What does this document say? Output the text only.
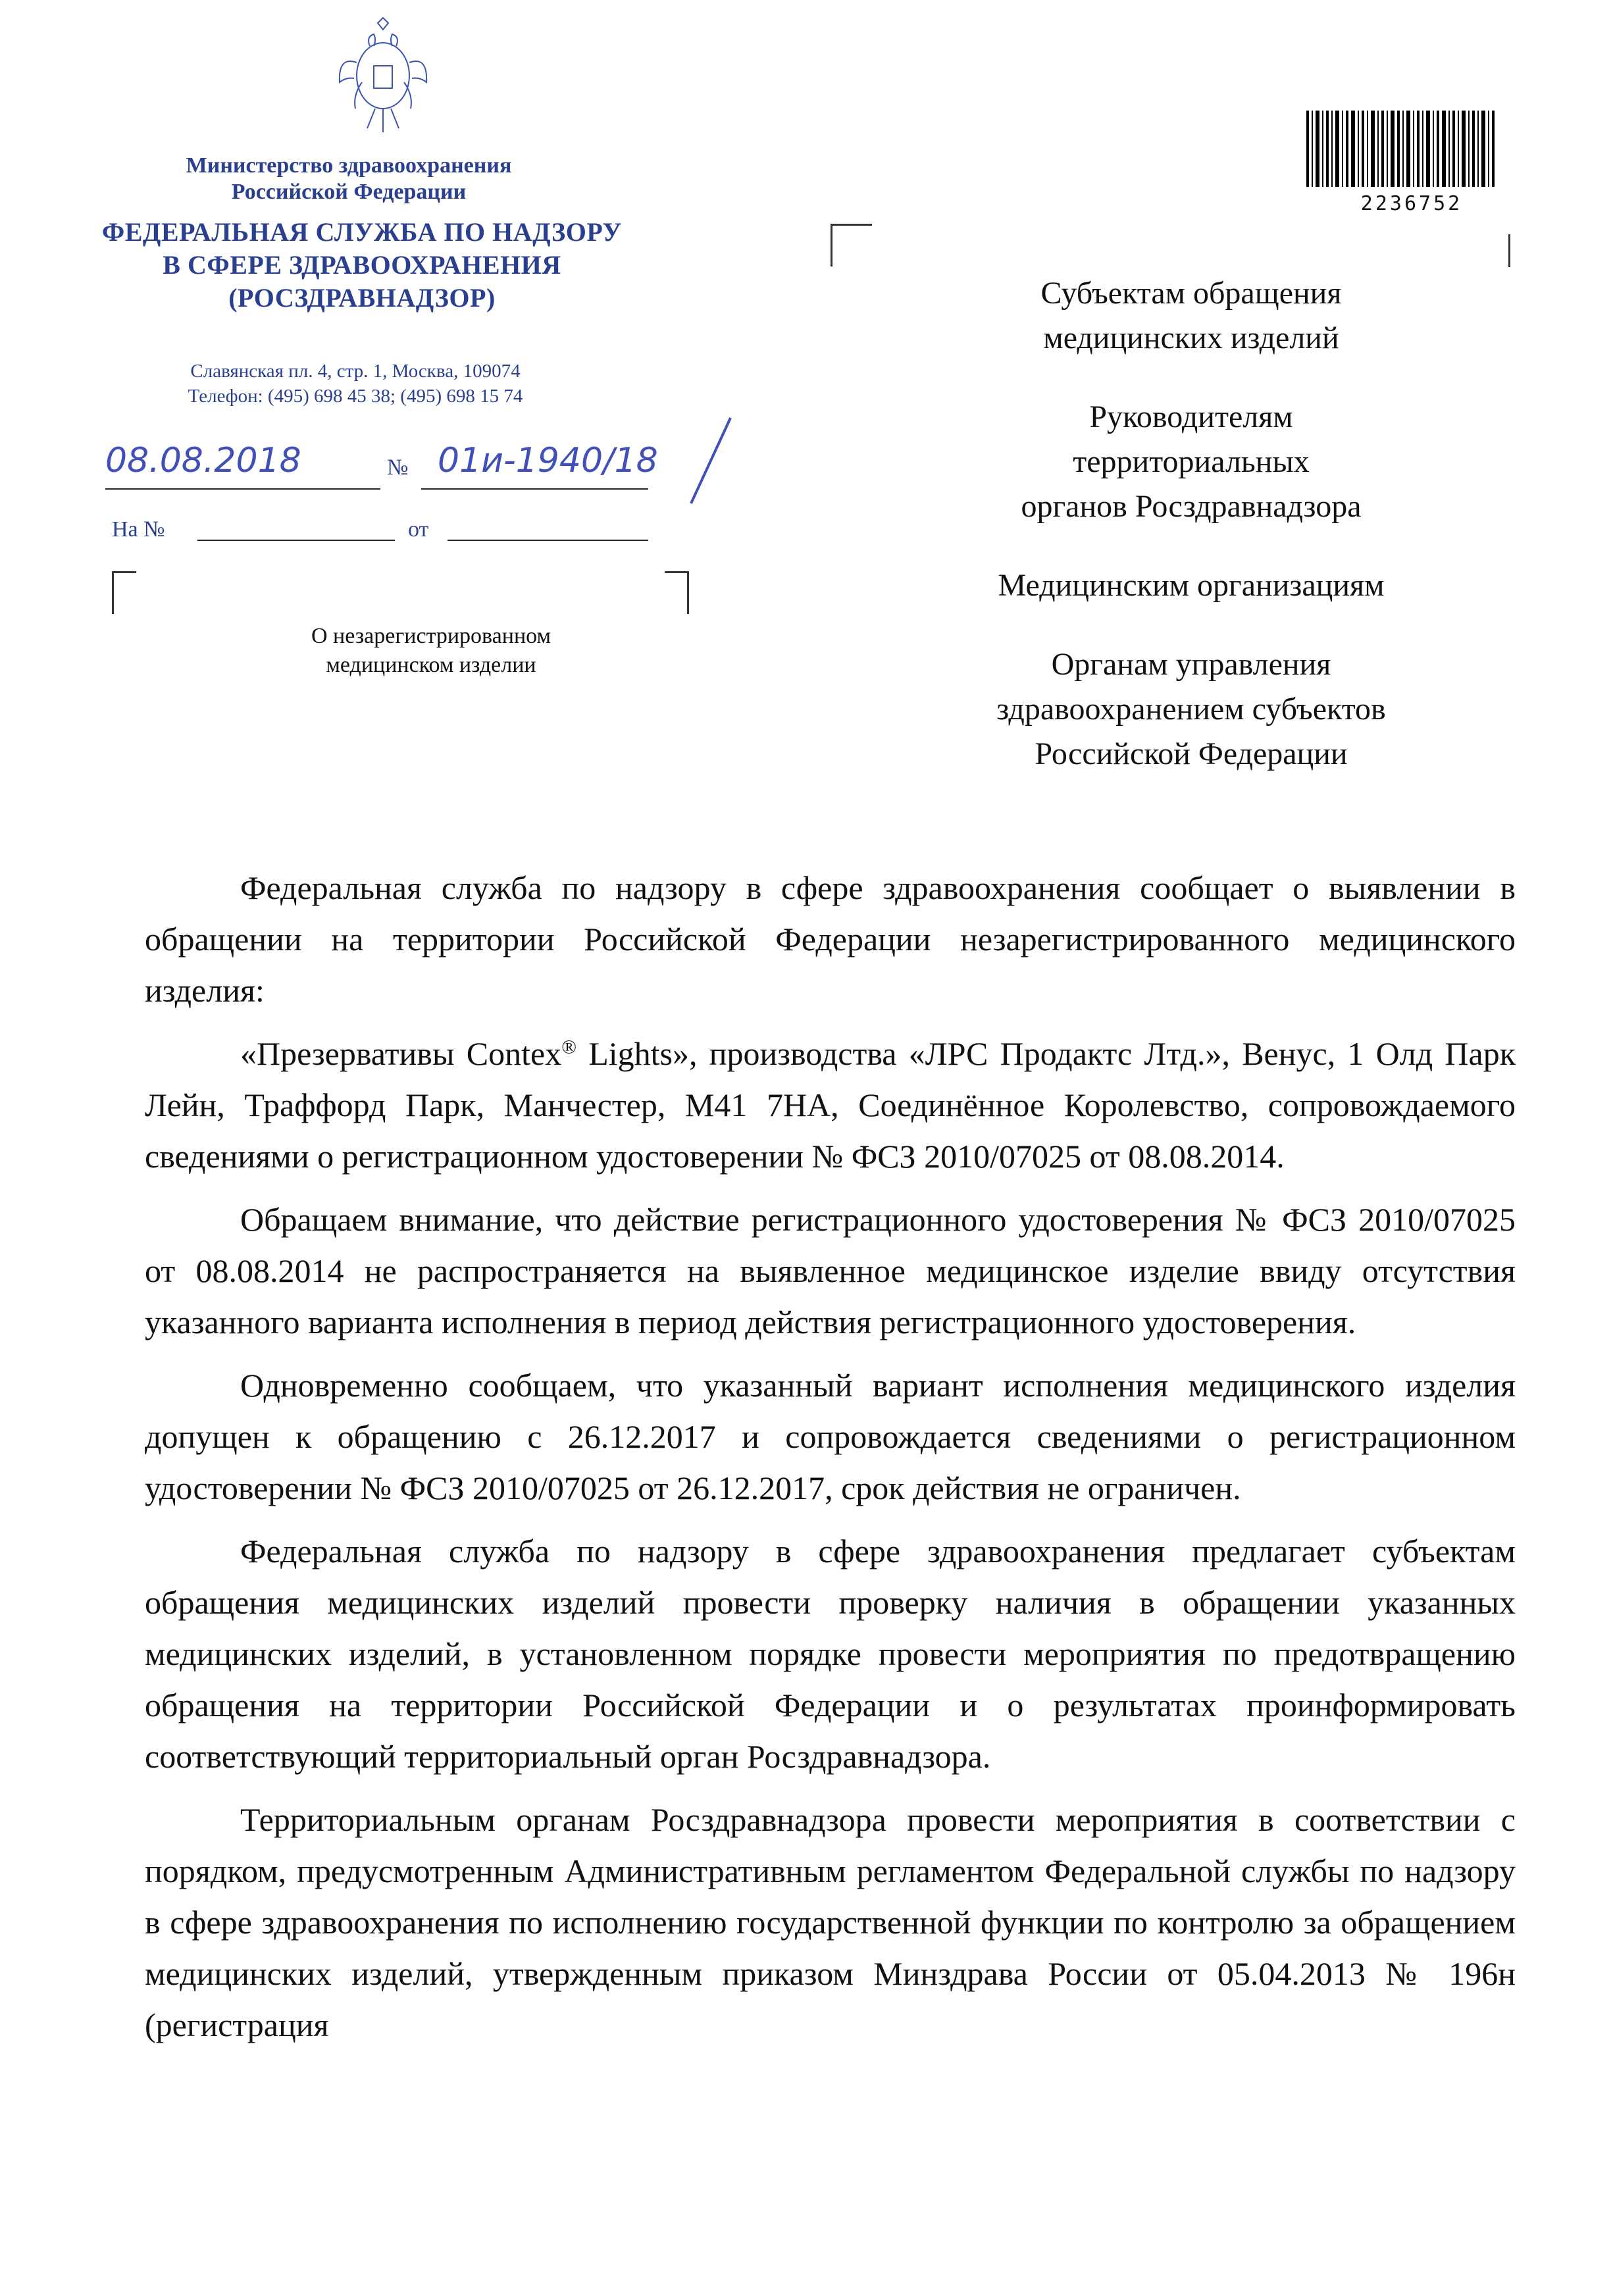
Министерство здравоохранения
Российской Федерации
ФЕДЕРАЛЬНАЯ СЛУЖБА ПО НАДЗОРУ
В СФЕРЕ ЗДРАВООХРАНЕНИЯ
(РОСЗДРАВНАДЗОР)
Славянская пл. 4, стр. 1, Москва, 109074
Телефон: (495) 698 45 38; (495) 698 15 74
08.08.2018	№ 01и-1940/18
На №	от
О незарегистрированном
медицинском изделии
2236752
Субъектам обращения
медицинских изделий
Руководителям
территориальных
органов Росздравнадзора
Медицинским организациям
Органам управления
здравоохранением субъектов
Российской Федерации

Федеральная служба по надзору в сфере здравоохранения сообщает о выявлении в обращении на территории Российской Федерации незарегистрированного медицинского изделия:

«Презервативы Contex® Lights», производства «ЛРС Продактс Лтд.», Венус, 1 Олд Парк Лейн, Траффорд Парк, Манчестер, М41 7НА, Соединённое Королевство, сопровождаемого сведениями о регистрационном удостоверении № ФСЗ 2010/07025 от 08.08.2014.

Обращаем внимание, что действие регистрационного удостоверения № ФСЗ 2010/07025 от 08.08.2014 не распространяется на выявленное медицинское изделие ввиду отсутствия указанного варианта исполнения в период действия регистрационного удостоверения.

Одновременно сообщаем, что указанный вариант исполнения медицинского изделия допущен к обращению с 26.12.2017 и сопровождается сведениями о регистрационном удостоверении № ФСЗ 2010/07025 от 26.12.2017, срок действия не ограничен.

Федеральная служба по надзору в сфере здравоохранения предлагает субъектам обращения медицинских изделий провести проверку наличия в обращении указанных медицинских изделий, в установленном порядке провести мероприятия по предотвращению обращения на территории Российской Федерации и о результатах проинформировать соответствующий территориальный орган Росздравнадзора.

Территориальным органам Росздравнадзора провести мероприятия в соответствии с порядком, предусмотренным Административным регламентом Федеральной службы по надзору в сфере здравоохранения по исполнению государственной функции по контролю за обращением медицинских изделий, утвержденным приказом Минздрава России от 05.04.2013 № 196н (регистрация
